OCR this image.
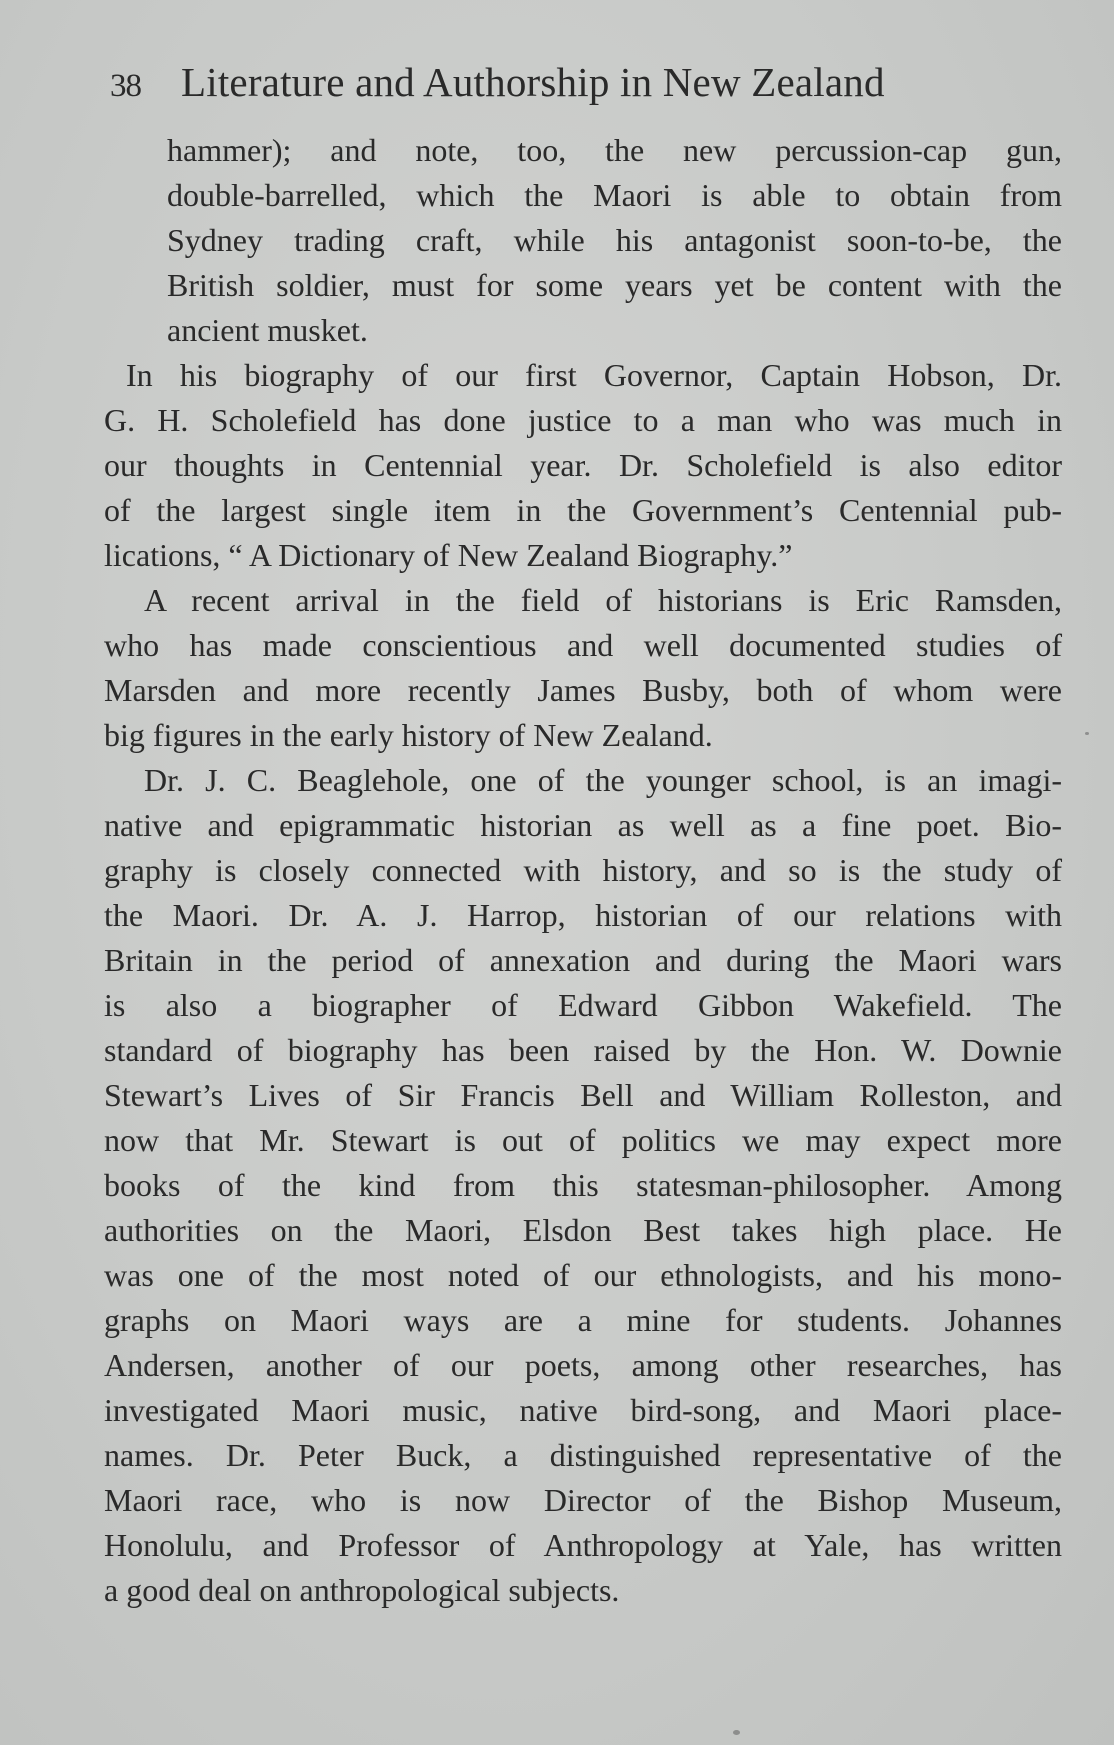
38 Literature and Authorship in New Zealand
hammer); and note, too, the new percussion-cap gun,
double-barrelled, which the Maori is able to obtain from
Sydney trading craft, while his antagonist soon-to-be, the
British soldier, must for some years yet be content with the
ancient musket.
In his biography of our first Governor, Captain Hobson, Dr.
G. H. Scholefield has done justice to a man who was much in
our thoughts in Centennial year. Dr. Scholefield is also editor
of the largest single item in the Government’s Centennial pub-
lications, “ A Dictionary of New Zealand Biography.”
A recent arrival in the field of historians is Eric Ramsden,
who has made conscientious and well documented studies of
Marsden and more recently James Busby, both of whom were
big figures in the early history of New Zealand.
Dr. J. C. Beaglehole, one of the younger school, is an imagi-
native and epigrammatic historian as well as a fine poet. Bio-
graphy is closely connected with history, and so is the study of
the Maori. Dr. A. J. Harrop, historian of our relations with
Britain in the period of annexation and during the Maori wars
is also a biographer of Edward Gibbon Wakefield. The
standard of biography has been raised by the Hon. W. Downie
Stewart’s Lives of Sir Francis Bell and William Rolleston, and
now that Mr. Stewart is out of politics we may expect more
books of the kind from this statesman-philosopher. Among
authorities on the Maori, Elsdon Best takes high place. He
was one of the most noted of our ethnologists, and his mono-
graphs on Maori ways are a mine for students. Johannes
Andersen, another of our poets, among other researches, has
investigated Maori music, native bird-song, and Maori place-
names. Dr. Peter Buck, a distinguished representative of the
Maori race, who is now Director of the Bishop Museum,
Honolulu, and Professor of Anthropology at Yale, has written
a good deal on anthropological subjects.
